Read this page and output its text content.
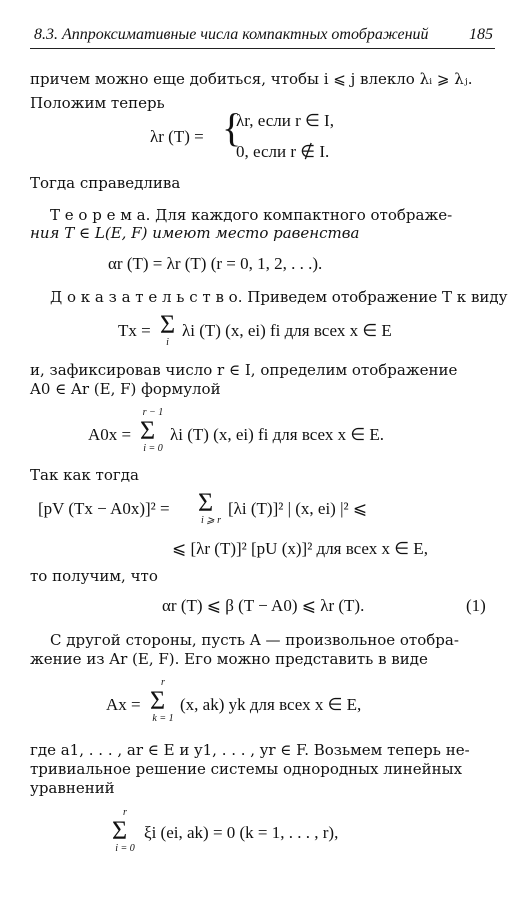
8.3. Аппроксимативные числа компактных отображений	185
причем можно еще добиться, чтобы i ⩽ j влекло λᵢ ⩾ λⱼ.
Положим теперь
λr (T) = {
λr, если r ∈ I,
0, если r ∉ I.
Тогда справедлива
Т е о р е м а. Для каждого компактного отображе-
ния T ∈ L(E, F) имеют место равенства
αr (T) = λr (T) (r = 0, 1, 2, . . .).
Д о к а з а т е л ь с т в о. Приведем отображение T к виду
Tx = Σ
i
λi (T) (x, ei) fi для всех x ∈ E
и, зафиксировав число r ∈ I, определим отображение
A0 ∈ Ar (E, F) формулой
A0x =
r − 1
Σ
i = 0
λi (T) (x, ei) fi для всех x ∈ E.
Так как тогда
[pV (Tx − A0x)]² = Σ
i ⩾ r
[λi (T)]² | (x, ei) |² ⩽
⩽ [λr (T)]² [pU (x)]² для всех x ∈ E,
то получим, что
αr (T) ⩽ β (T − A0) ⩽ λr (T).	(1)
С другой стороны, пусть A — произвольное отобра-
жение из Ar (E, F). Его можно представить в виде
Ax =
r
Σ
k = 1
(x, ak) yk для всех x ∈ E,
где a1, . . . , ar ∈ E и y1, . . . , yr ∈ F. Возьмем теперь не-
тривиальное решение системы однородных линейных
уравнений
r
Σ
i = 0
ξi (ei, ak) = 0 (k = 1, . . . , r),
